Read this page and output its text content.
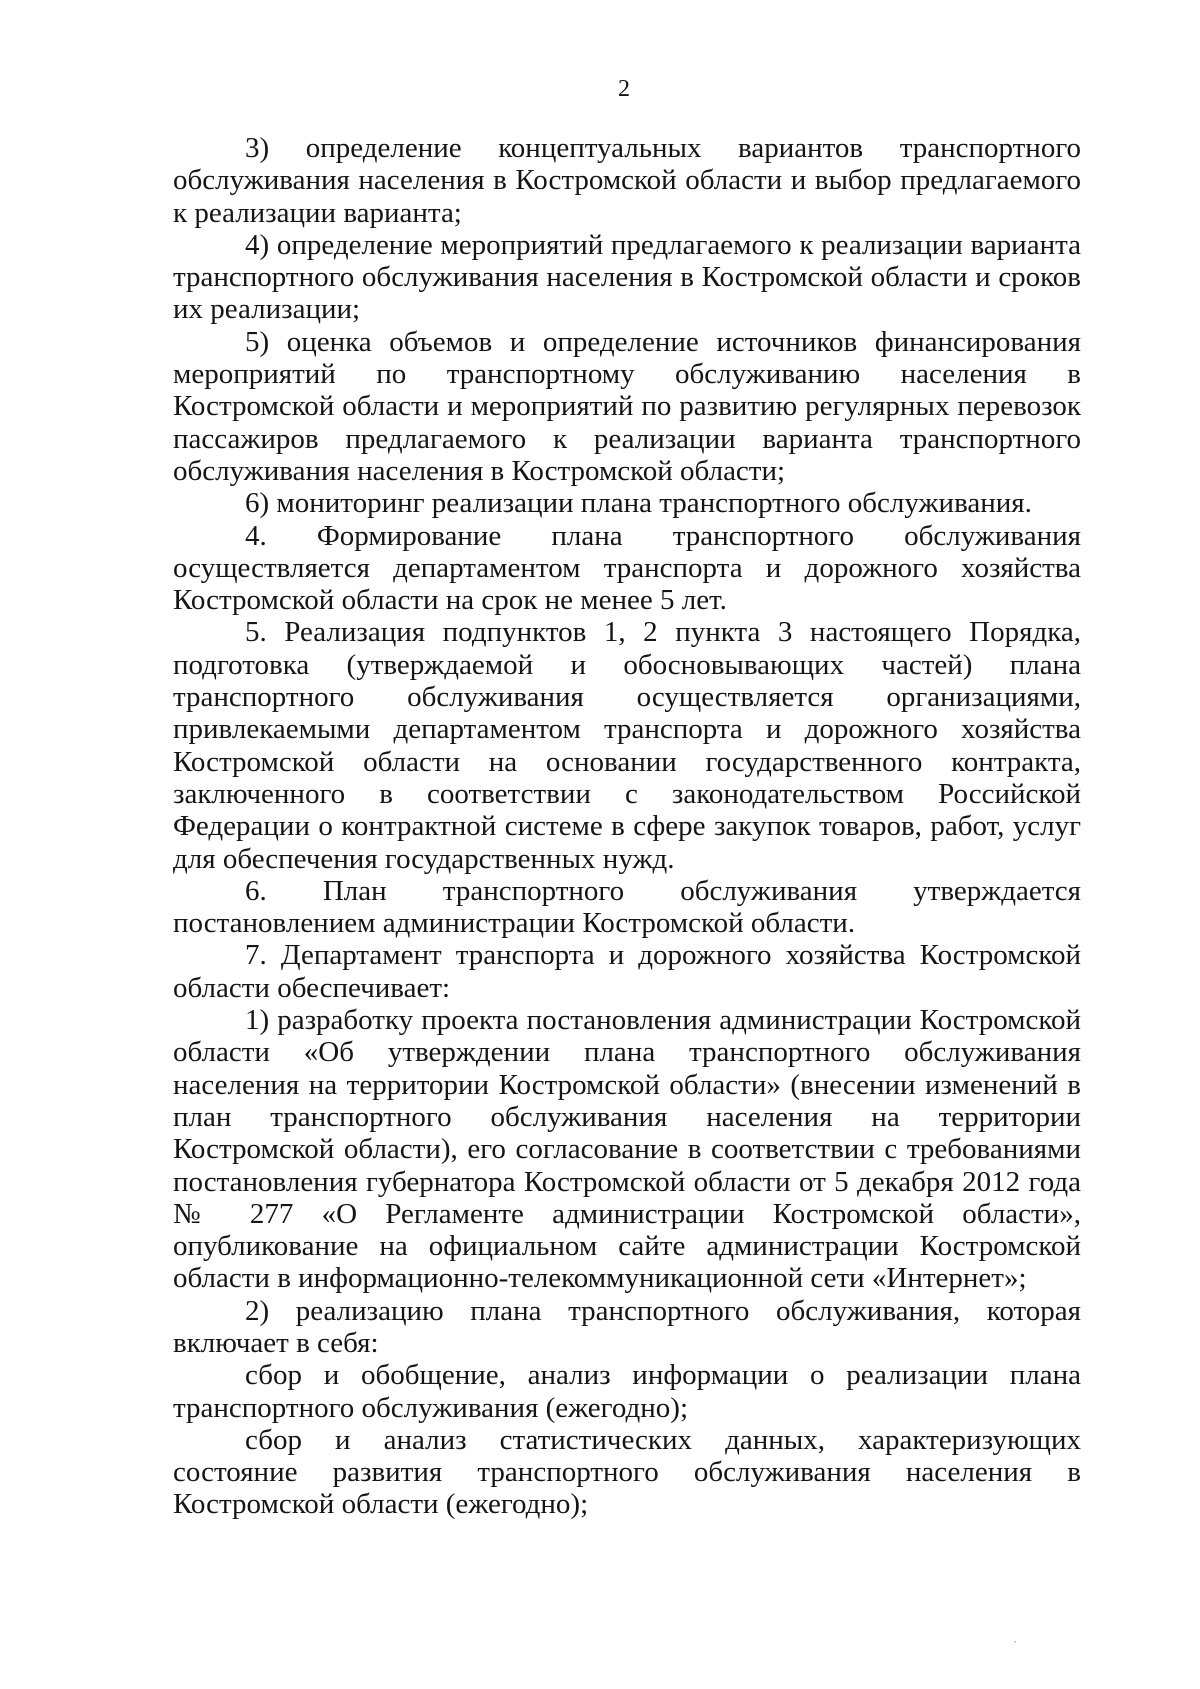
2

3) определение концептуальных вариантов транспортного обслуживания населения в Костромской области и выбор предлагаемого к реализации варианта;

4) определение мероприятий предлагаемого к реализации варианта транспортного обслуживания населения в Костромской области и сроков их реализации;

5) оценка объемов и определение источников финансирования мероприятий по транспортному обслуживанию населения в Костромской области и мероприятий по развитию регулярных перевозок пассажиров предлагаемого к реализации варианта транспортного обслуживания населения в Костромской области;

6) мониторинг реализации плана транспортного обслуживания.

4. Формирование плана транспортного обслуживания осуществляется департаментом транспорта и дорожного хозяйства Костромской области на срок не менее 5 лет.

5. Реализация подпунктов 1, 2 пункта 3 настоящего Порядка, подготовка (утверждаемой и обосновывающих частей) плана транспортного обслуживания осуществляется организациями, привлекаемыми департаментом транспорта и дорожного хозяйства Костромской области на основании государственного контракта, заключенного в соответствии с законодательством Российской Федерации о контрактной системе в сфере закупок товаров, работ, услуг для обеспечения государственных нужд.

6. План транспортного обслуживания утверждается постановлением администрации Костромской области.

7. Департамент транспорта и дорожного хозяйства Костромской области обеспечивает:

1) разработку проекта постановления администрации Костромской области «Об утверждении плана транспортного обслуживания населения на территории Костромской области» (внесении изменений в план транспортного обслуживания населения на территории Костромской области), его согласование в соответствии с требованиями постановления губернатора Костромской области от 5 декабря 2012 года № 277 «О Регламенте администрации Костромской области», опубликование на официальном сайте администрации Костромской области в информационно-телекоммуникационной сети «Интернет»;

2) реализацию плана транспортного обслуживания, которая включает в себя:

сбор и обобщение, анализ информации о реализации плана транспортного обслуживания (ежегодно);

сбор и анализ статистических данных, характеризующих состояние развития транспортного обслуживания населения в Костромской области (ежегодно);
